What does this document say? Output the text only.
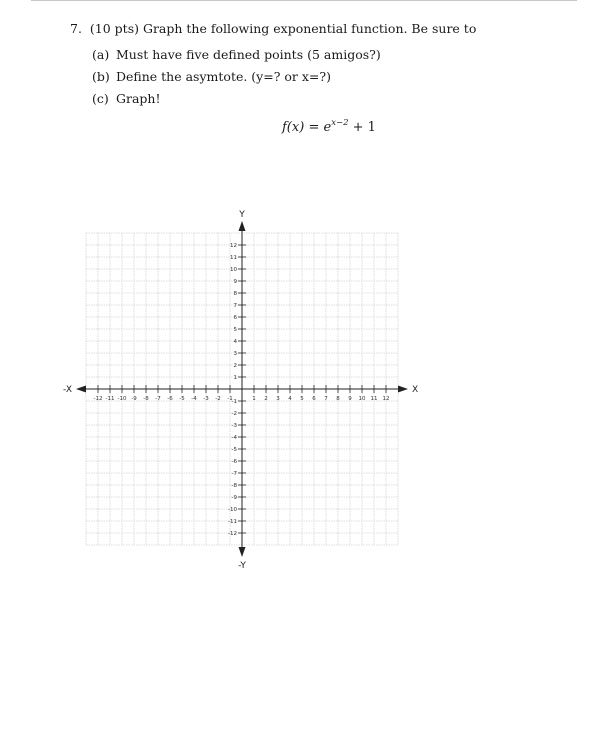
7. (10 pts) Graph the following exponential function. Be sure to
(a) Must have five defined points (5 amigos?)
(b) Define the asymtote. (y=? or x=?)
(c) Graph!
$f(x) = e^{x-2} + 1$
-12 -11 -10 -9 -8 -7 -6 -5 -4 -3 -2 -1	1 2 3 4 5 6 7 8 9 10 11 12
-12
-11
-10
-9
-8
-7
-6
-5
-4
-3
-2
-1
1
2
3
4
5
6
7
8
9
10
11
12
X
-X
Y
-Y
